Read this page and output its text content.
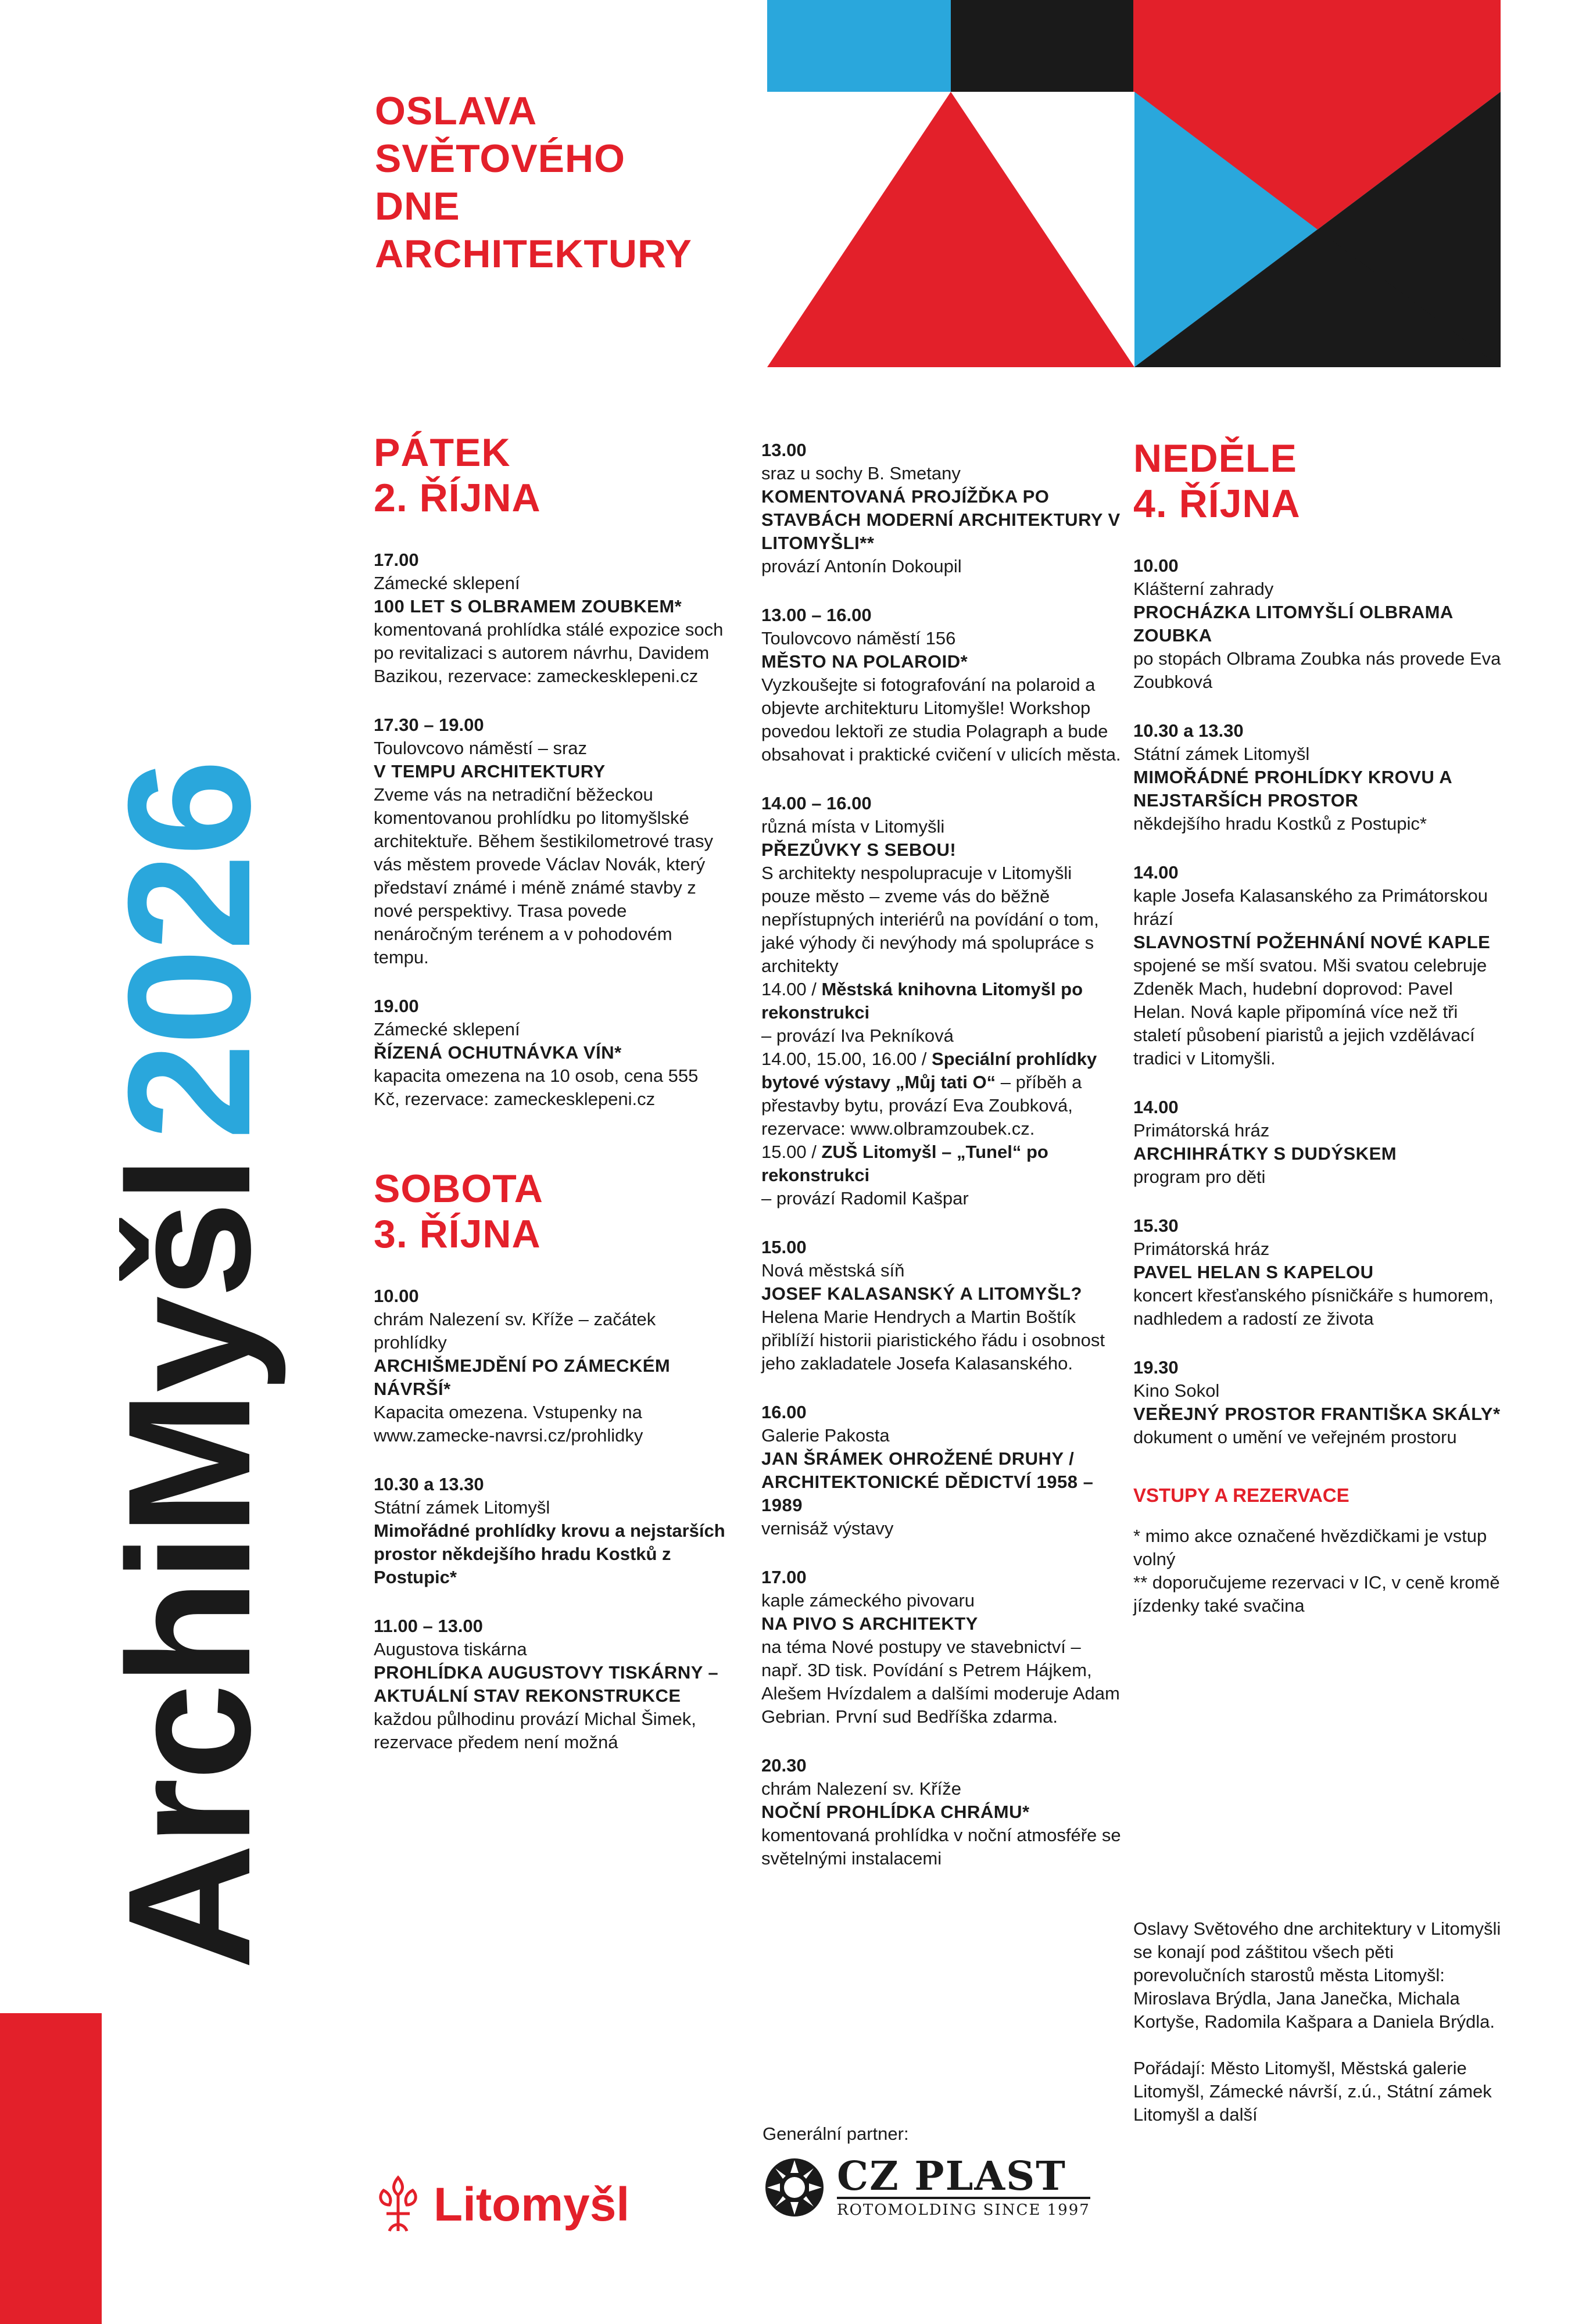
OSLAVA
SVĚTOVÉHO
DNE
ARCHITEKTURY
ArchiMyšl2026
PÁTEK
2. ŘÍJNA
17.00
Zámecké sklepení
100 LET S OLBRAMEM ZOUBKEM*
komentovaná prohlídka stálé expozice soch po revitalizaci s autorem návrhu, Davidem Bazikou, rezervace: zameckesklepeni.cz
17.30 – 19.00
Toulovcovo náměstí – sraz
V TEMPU ARCHITEKTURY
Zveme vás na netradiční běžeckou komentovanou prohlídku po litomyšlské architektuře. Během šestikilometrové trasy vás městem provede Václav Novák, který představí známé i méně známé stavby z nové perspektivy. Trasa povede nenáročným terénem a v pohodovém tempu.
19.00
Zámecké sklepení
ŘÍZENÁ OCHUTNÁVKA VÍN*
kapacita omezena na 10 osob, cena 555 Kč, rezervace: zameckesklepeni.cz
SOBOTA
3. ŘÍJNA
10.00
chrám Nalezení sv. Kříže – začátek prohlídky
ARCHIŠMEJDĚNÍ PO ZÁMECKÉM NÁVRŠÍ*
Kapacita omezena. Vstupenky na www.zamecke-navrsi.cz/prohlidky
10.30 a 13.30
Státní zámek Litomyšl
Mimořádné prohlídky krovu a nejstarších prostor někdejšího hradu Kostků z Postupic*
11.00 – 13.00
Augustova tiskárna
PROHLÍDKA AUGUSTOVY TISKÁRNY – AKTUÁLNÍ STAV REKONSTRUKCE
každou půlhodinu provází Michal Šimek, rezervace předem není možná
13.00
sraz u sochy B. Smetany
KOMENTOVANÁ PROJÍŽĎKA PO STAVBÁCH MODERNÍ ARCHITEKTURY V LITOMYŠLI**
provází Antonín Dokoupil
13.00 – 16.00
Toulovcovo náměstí 156
MĚSTO NA POLAROID*
Vyzkoušejte si fotografování na polaroid a objevte architekturu Litomyšle! Workshop povedou lektoři ze studia Polagraph a bude obsahovat i praktické cvičení v ulicích města.
14.00 – 16.00
různá místa v Litomyšli
PŘEZŮVKY S SEBOU!
S architekty nespolupracuje v Litomyšli pouze město – zveme vás do běžně nepřístupných interiérů na povídání o tom, jaké výhody či nevýhody má spolupráce s architekty
14.00 / Městská knihovna Litomyšl po rekonstrukci
– provází Iva Pekníková
14.00, 15.00, 16.00 / Speciální prohlídky bytové výstavy „Můj tati O“ – příběh a přestavby bytu, provází Eva Zoubková, rezervace: www.olbramzoubek.cz.
15.00 / ZUŠ Litomyšl – „Tunel“ po rekonstrukci
– provází Radomil Kašpar
15.00
Nová městská síň
JOSEF KALASANSKÝ A LITOMYŠL?
Helena Marie Hendrych a Martin Boštík přiblíží historii piaristického řádu i osobnost jeho zakladatele Josefa Kalasanského.
16.00
Galerie Pakosta
JAN ŠRÁMEK OHROŽENÉ DRUHY / ARCHITEKTONICKÉ DĚDICTVÍ 1958 – 1989
vernisáž výstavy
17.00
kaple zámeckého pivovaru
NA PIVO S ARCHITEKTY
na téma Nové postupy ve stavebnictví – např. 3D tisk. Povídání s Petrem Hájkem, Alešem Hvízdalem a dalšími moderuje Adam Gebrian. První sud Bedříška zdarma.
20.30
chrám Nalezení sv. Kříže
NOČNÍ PROHLÍDKA CHRÁMU*
komentovaná prohlídka v noční atmosféře se světelnými instalacemi
NEDĚLE
4. ŘÍJNA
10.00
Klášterní zahrady
PROCHÁZKA LITOMYŠLÍ OLBRAMA ZOUBKA
po stopách Olbrama Zoubka nás provede Eva Zoubková
10.30 a 13.30
Státní zámek Litomyšl
MIMOŘÁDNÉ PROHLÍDKY KROVU A NEJSTARŠÍCH PROSTOR
někdejšího hradu Kostků z Postupic*
14.00
kaple Josefa Kalasanského za Primátorskou hrází
SLAVNOSTNÍ POŽEHNÁNÍ NOVÉ KAPLE
spojené se mší svatou. Mši svatou celebruje Zdeněk Mach, hudební doprovod: Pavel Helan. Nová kaple připomíná více než tři staletí působení piaristů a jejich vzdělávací tradici v Litomyšli.
14.00
Primátorská hráz
ARCHIHRÁTKY S DUDÝSKEM
program pro děti
15.30
Primátorská hráz
PAVEL HELAN S KAPELOU
koncert křesťanského písničkáře s humorem, nadhledem a radostí ze života
19.30
Kino Sokol
VEŘEJNÝ PROSTOR FRANTIŠKA SKÁLY*
dokument o umění ve veřejném prostoru
VSTUPY A REZERVACE
* mimo akce označené hvězdičkami je vstup volný
** doporučujeme rezervaci v IC, v ceně kromě jízdenky také svačina
Oslavy Světového dne architektury v Litomyšli se konají pod záštitou všech pěti porevolučních starostů města Litomyšl: Miroslava Brýdla, Jana Janečka, Michala Kortyše, Radomila Kašpara a Daniela Brýdla.
Pořádají: Město Litomyšl, Městská galerie Litomyšl, Zámecké návrší, z.ú., Státní zámek Litomyšl a další
Litomyšl
Generální partner:
CZ PLAST
ROTOMOLDING SINCE 1997
